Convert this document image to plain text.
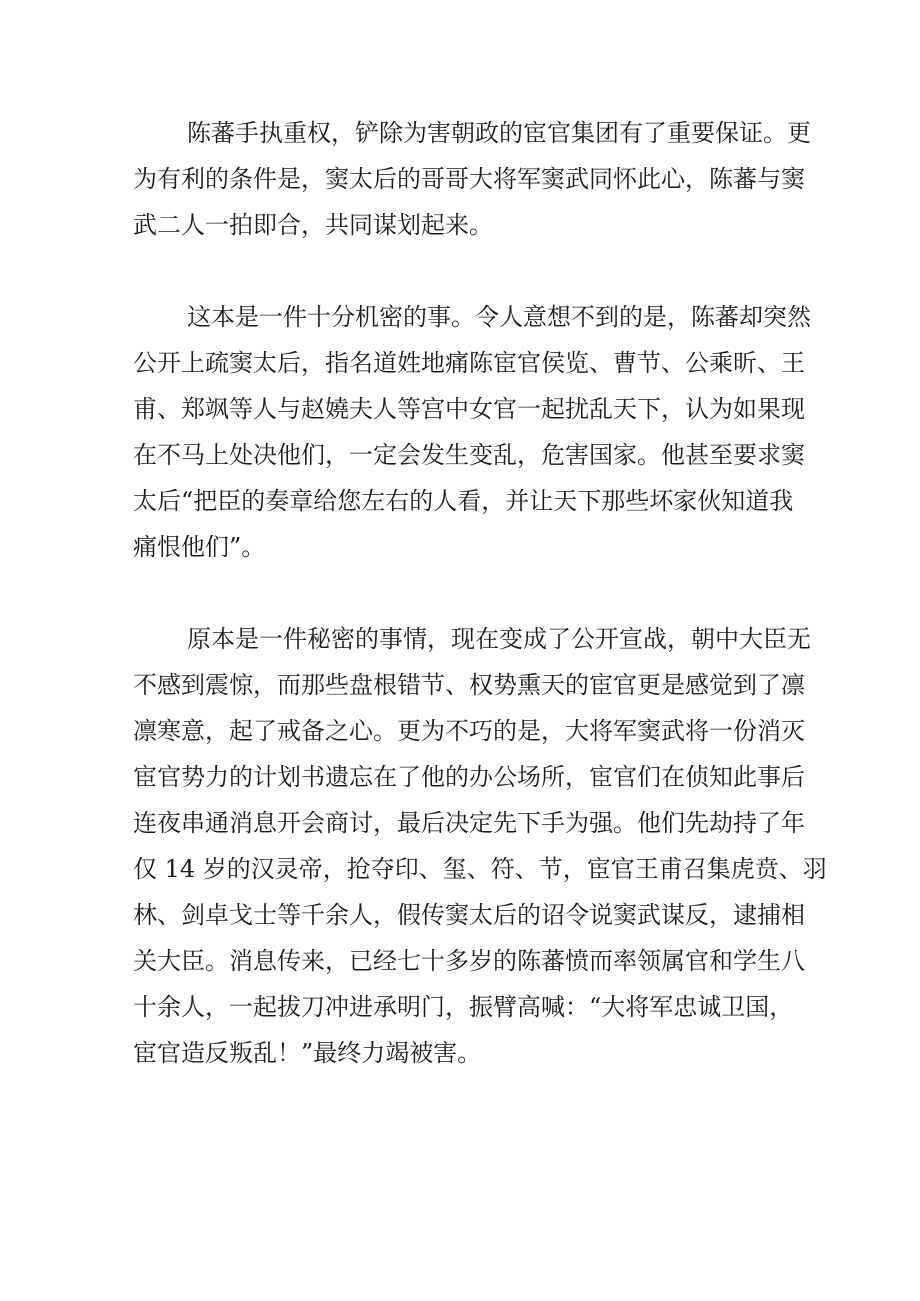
陈蕃手执重权，铲除为害朝政的宦官集团有了重要保证。更
为有利的条件是，窦太后的哥哥大将军窦武同怀此心，陈蕃与窦
武二人一拍即合，共同谋划起来。
这本是一件十分机密的事。令人意想不到的是，陈蕃却突然
公开上疏窦太后，指名道姓地痛陈宦官侯览、曹节、公乘昕、王
甫、郑飒等人与赵嬈夫人等宫中女官一起扰乱天下，认为如果现
在不马上处决他们，一定会发生变乱，危害国家。他甚至要求窦
太后“把臣的奏章给您左右的人看，并让天下那些坏家伙知道我
痛恨他们”。
原本是一件秘密的事情，现在变成了公开宣战，朝中大臣无
不感到震惊，而那些盘根错节、权势熏天的宦官更是感觉到了凛
凛寒意，起了戒备之心。更为不巧的是，大将军窦武将一份消灭
宦官势力的计划书遗忘在了他的办公场所，宦官们在侦知此事后
连夜串通消息开会商讨，最后决定先下手为强。他们先劫持了年
仅 14 岁的汉灵帝，抢夺印、玺、符、节，宦官王甫召集虎贲、羽
林、剑卓戈士等千余人，假传窦太后的诏令说窦武谋反，逮捕相
关大臣。消息传来，已经七十多岁的陈蕃愤而率领属官和学生八
十余人，一起拔刀冲进承明门，振臂高喊：“大将军忠诚卫国，
宦官造反叛乱！”最终力竭被害。
